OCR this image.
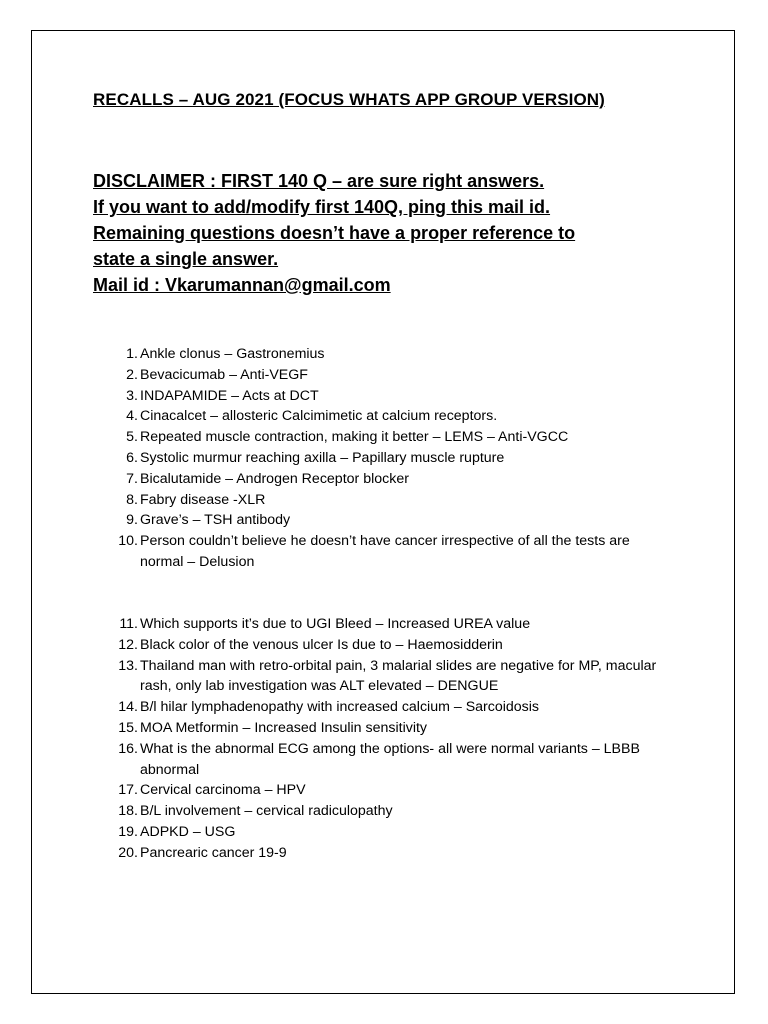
RECALLS – AUG 2021 (FOCUS WHATS APP GROUP VERSION)
DISCLAIMER : FIRST 140 Q – are sure right answers.
If you want to add/modify first 140Q, ping this mail id.
Remaining questions doesn’t have a proper reference to
state a single answer.
Mail id : Vkarumannan@gmail.com
1. Ankle clonus – Gastronemius
2. Bevacicumab – Anti-VEGF
3. INDAPAMIDE – Acts at DCT
4. Cinacalcet – allosteric Calcimimetic at calcium receptors.
5. Repeated muscle contraction, making it better – LEMS – Anti-VGCC
6. Systolic murmur reaching axilla – Papillary muscle rupture
7. Bicalutamide – Androgen Receptor blocker
8. Fabry disease -XLR
9. Grave’s – TSH antibody
10. Person couldn’t believe he doesn’t have cancer irrespective of all the tests are normal – Delusion
11. Which supports it’s due to UGI Bleed – Increased UREA value
12. Black color of the venous ulcer Is due to – Haemosidderin
13. Thailand man with retro-orbital pain, 3 malarial slides are negative for MP, macular rash, only lab investigation was ALT elevated – DENGUE
14. B/l hilar lymphadenopathy with increased calcium – Sarcoidosis
15. MOA Metformin – Increased Insulin sensitivity
16. What is the abnormal ECG among the options- all were normal variants – LBBB abnormal
17. Cervical carcinoma – HPV
18. B/L involvement – cervical radiculopathy
19. ADPKD – USG
20. Pancrearic cancer 19-9
